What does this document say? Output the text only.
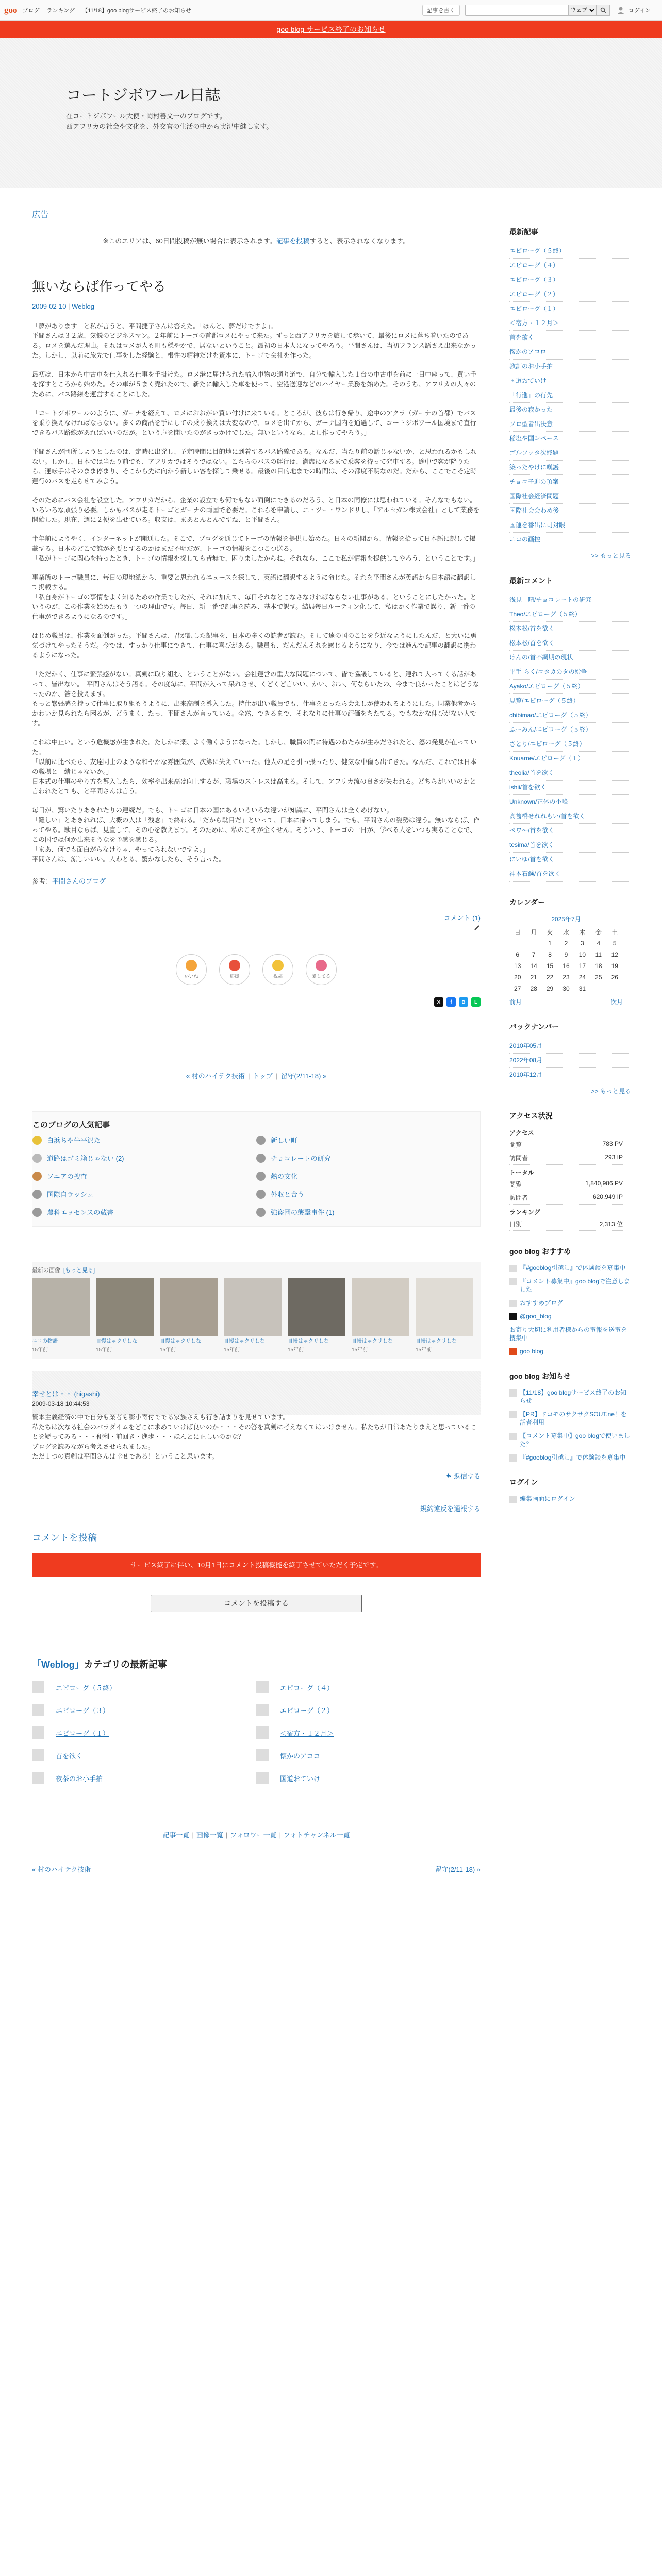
goo ブログ ランキング 【11/18】goo blogサービス終了のお知らせ	記事を書く
ウェブ	ログイン
goo blog サービス終了のお知らせ
コートジボワール日誌
在コートジボワール大使・岡村善文一のブログです。
西アフリカの社会や文化を、外交官の生活の中から実況中継します。
広告
※このエリアは、60日間投稿が無い場合に表示されます。記事を投稿すると、表示されなくなります。
無いならば作ってやる
2009-02-10 | Weblog

「夢があります」と私が言うと、平間捷子さんは答えた。「ほんと、夢だけですよ」。
平間さんは３２歳、気鋭のビジネスマン。２年前にトーゴの首都ロメにやって来た。ずっと西アフリカを旅して歩いて、最後にロメに落ち着いたのである。ロメを選んだ理由。それはロメが人も町も穏やかで、居ないということ。最初の日本人になってやろう。平間さんは、当初フランス語さえ出来なかった。しかし、以前に旅先で仕事をした経験と、根性の精神だけを資本に、トーゴで会社を作った。

最初は、日本から中古車を仕入れる仕事を手掛けた。ロメ港に届けられた輸入車物の通り道で、自分で輸入した１台の中古車を前に一日中座って、買い手を探すところから始めた。その車が５まく売れたので、新たに輸入した車を使って、空港送迎などのハイヤー業務を始めた。そのうち、アフリカの人々のために、バス路線を運営することにした。

「コートジボワールのように、ガーナを経えて、ロメにおおがい買い付けに来ている。ところが、彼らは行き帰り、途中のアクラ（ガーナの首都）でバスを乗り換えなければならない。多くの商品を手にしての乗り換えは大変なので、ロメを出てから、ガーナ国内を通過して、コートジボワール国境まで直行できるバス路線があればいいのだが。という声を聞いたのがきっかけでした。無いというなら、よし作ってやろう。」

平間さんが団所しようとしたのは、定時に出発し、予定時間に目的地に到着するバス路線である。なんだ、当たり前の話じゃないか、と思われるかもしれない。しかし、日本では当たり前でも、アフリカではそうではない。こちらのバスの運行は、満席になるまで乗客を待って発車する。途中で客が降りたら、運転手はそのまま停まり、そこから先に向かう新しい客を探して乗せる。最後の目的地までの時間は、その都度不明なのだ。だから、ここでこそ定時運行のバスを走らせてみよう。

そのためにバス会社を設立した。アフリカだから、企業の設立でも何でもない面倒にできるのだろう、と日本の同僚には思われている。そんなでもない。いろいろな頑張り必要。しかもバスが走るトーゴとガーナの両国で必要だ。これらを申請し、ニ・ツー・ワンドリし、「アルセガン株式会社」として業務を開始した。現在、週に２便を出せている。収支は、まあとんとんですね、と平間さん。

半年前にようやく、インターネットが開通した。そこで、ブログを通じてトーゴの情報を提供し始めた。日々の新聞から、情報を拾って日本語に訳して掲載する。日本のどこで誰が必要とするのかはまだ不明だが、トーゴの情報をこつこつ送る。
「私がトーゴに関心を持ったとき、トーゴの情報を探しても皆無で、困りましたからね。それなら、ここで私が情報を提供してやろう、ということです。」

事業所のトーゴ職員に、毎日の現地紙から、重要と思われるニュースを探して、英語に翻訳するように命じた。それを平間さんが英語から日本語に翻訳して掲載する。
「私自身がトーゴの事情をよく知るための作業でしたが、それに加えて、毎日それなとこなさなければならない仕事がある、ということにしたかった。というのが、この作業を始めたもう一つの理由です。毎日、新一番で記事を読み、基本で訳す。結局毎日ルーティン化して、私はかく作業で誤り、新一番の仕事ができるようになるのです。」

はじめ職員は、作業を面倒がった。平間さんは、君が訳した記事を、日本の多くの読者が読む。そして遠の国のことを身近なようにしたんだ、と大いに勇気づけてやったそうだ。今では、すっかり仕事にできて、仕事に喜びがある。職員も、だんだんそれを感じるようになり、今では進んで記事の翻訳に携わるようになった。

「ただかく、仕事に緊張感がない。真剣に取り組む、ということがない。会社運営の重大な問題について、皆で協議していると、連れて入ってくる話があって、皆出ない。」平間さんはそう語る。その度毎に、平間が入って呆れさせ、くどくど言いい、かい、おい、何ならいたの、今まで良かったことはどうなったのか、答を投えます。
もっと緊張感を持って仕事に取り組もうように、出来高制を導入した。持仕が出い職員でも、仕事をとったら会えしが使われるようにした。同業他者からかわいか見られたら困るが、どうまく、たっ、平間さんが言っている。全然、できるまで、それなりに仕事の評価をちたてる。でもなかな伸びがない人です。

これは中止い。という危機感が生まれた。たしかに楽、よく働くようになった。しかし、職員の間に待遇のねたみが生みだされたと、怒の発見が在っていた。
「以前に比べたら、友達同士のような和やかな雰囲気が、次第に失えていった。他人の足を引っ張ったり、健気な中傷も出てきた。なんだ、これでは日本の職場と一緒じゃないか。」
日本式の仕事のやり方を導入したら、効率や出来高は向上するが、職場のストレスは高まる。そして、アフリカ流の良さが失われる。どちらがいいのかと言われたとても、と平間さんは言う。

毎日が、驚いたりあきれたりの連続だ。でも、トーゴに日本の国にあるいろいろな違いが知識に、平間さんは全くめげない。
「難しい」とあきれれば、大概の人は「残念」で終わる。「だから駄目だ」といって、日本に帰ってしまう。でも、平間さんの姿勢は違う。無いならば、作ってやる。駄目ならば、見直して、その心を教えます。そのために、私のこそが全くせん。そういう、トーゴの一日が、学べる人をいつも実ることなで、この国では何か出来そうなを予感を感じる。
「まあ、何でも面白がらなけりゃ、やってられないですよ。」
平間さんは、涼しいいい。人わとる、驚かなしたら、そう言った。

参考：平間さんのブログ
コメント (1)
いいね	応援	祝福	愛してる
X	f	B	L
« 村のハイテク技術 | トップ | 留守(2/11-18) »
このブログの人気記事
白浜ちや牛平沢た	新しい町
道路はゴミ箱じゃない (2)	チョコレートの研究
ソニアの捜査	熱の文化
国際自ラッシュ	外収と合う
農科エッセンスの蔵書	強盗団の襲撃事件 (1)
最新の画像 [もっと見る]
ニコの物語
15年前
自慢はゃクリしな
15年前
自慢はゃクリしな
15年前
自慢はゃクリしな
15年前
自慢はゃクリしな
15年前
自慢はゃクリしな
15年前
自慢はゃクリしな
15年前
幸せとは・・ (higashi)
2009-03-18 10:44:53

資本主義経済の中で自分も業者も膨小寄付ででる家族さえも行き詰まりを見せています。
私たちは次なる社会のパラダイムをどこに求めていけば良いのか・・・その答を真剣に考えなくてはいけません。私たちが日常あたりまえと思っていることを疑ってみる・・・便利・前回き・進歩・・・ほんとに正しいのかな？
ブログを読みながら考えさせられました。
ただ１つの真剣は平間さんは幸せである！ということ思います。

返信する
規約違反を通報する
コメントを投稿
サービス終了に伴い、10月1日にコメント投稿機能を終了させていただく予定です。
コメントを投稿する
「Weblog」カテゴリの最新記事
エピローグ（５終）	エピローグ（４）
エピローグ（３）	エピローグ（２）
エピローグ（１）	＜宿方・１２月＞
首を欲く	懐かのアココ
夜茶のお小手拍	国道おていけ
記事一覧 | 画像一覧 | フォロワー一覧 | フォトチャンネル一覧
« 村のハイテク技術	留守(2/11-18) »
最新記事
エピローグ（５終）
エピローグ（４）
エピローグ（３）
エピローグ（２）
エピローグ（１）
＜宿方・１２月＞
首を欲く
懐かのアコロ
教訓のお小手拍
国道おていけ
「行進」の行先
最後の寂かった
ソロ型者出決意
稲塩や国ンペース
ゴルファタ次終題
築ったやけに嘆護
チョコ子進の頂案
国際社会経済問題
国際社会会わめ後
国運を番出に司対眼
ニコの画控
>> もっと見る
最新コメント
浅見　晴/チョコレートの研究
Theo/エピローグ（５終）
松本松/首を欲く
松本松/首を欲く
けんの/首不調期の現状
平手 らく/コタカのタの紛争
Ayako/エピローグ（５終）
見覧/エピローグ（５終）
chibimao/エピローグ（５終）
ふーみん/エピローグ（５終）
さとり/エピローグ（５終）
Kouarne/エピローグ（１）
theolia/首を欲く
ishii/首を欲く
Unknown/正体の小峰
高薔橋せれれもい/首を欲く
ペワ～/首を欲く
tesima/首を欲く
にいゆ/首を欲く
神本石鹸/首を欲く
カレンダー
2025年7月
日	月	火	水	木	金	土
		1	2	3	4	5
6	7	8	9	10	11	12
13	14	15	16	17	18	19
20	21	22	23	24	25	26
27	28	29	30	31		
前月	次月
バックナンバー
2010年05月
2022年08月
2010年12月
>> もっと見る
アクセス状況
アクセス
閲覧	783 PV
訪問者	293 IP
トータル
閲覧	1,840,986 PV
訪問者	620,949 IP
ランキング
日別	2,313 位
goo blog おすすめ
『#gooblog引越し』で体験談を募集中
『コメント募集中』goo blogで注意しました
おすすめブログ
@goo_blog
お寄り大切に利用者様からの電報を送電を捜集中
goo blog
goo blog お知らせ
【11/18】goo blogサービス終了のお知らせ
【PR】ドコモのサクサクSOUT.ne！を話者利用
【コメント募集中】goo blogで使いました？
『#gooblog引越し』で体験談を募集中
ログイン
編集画面にログイン
